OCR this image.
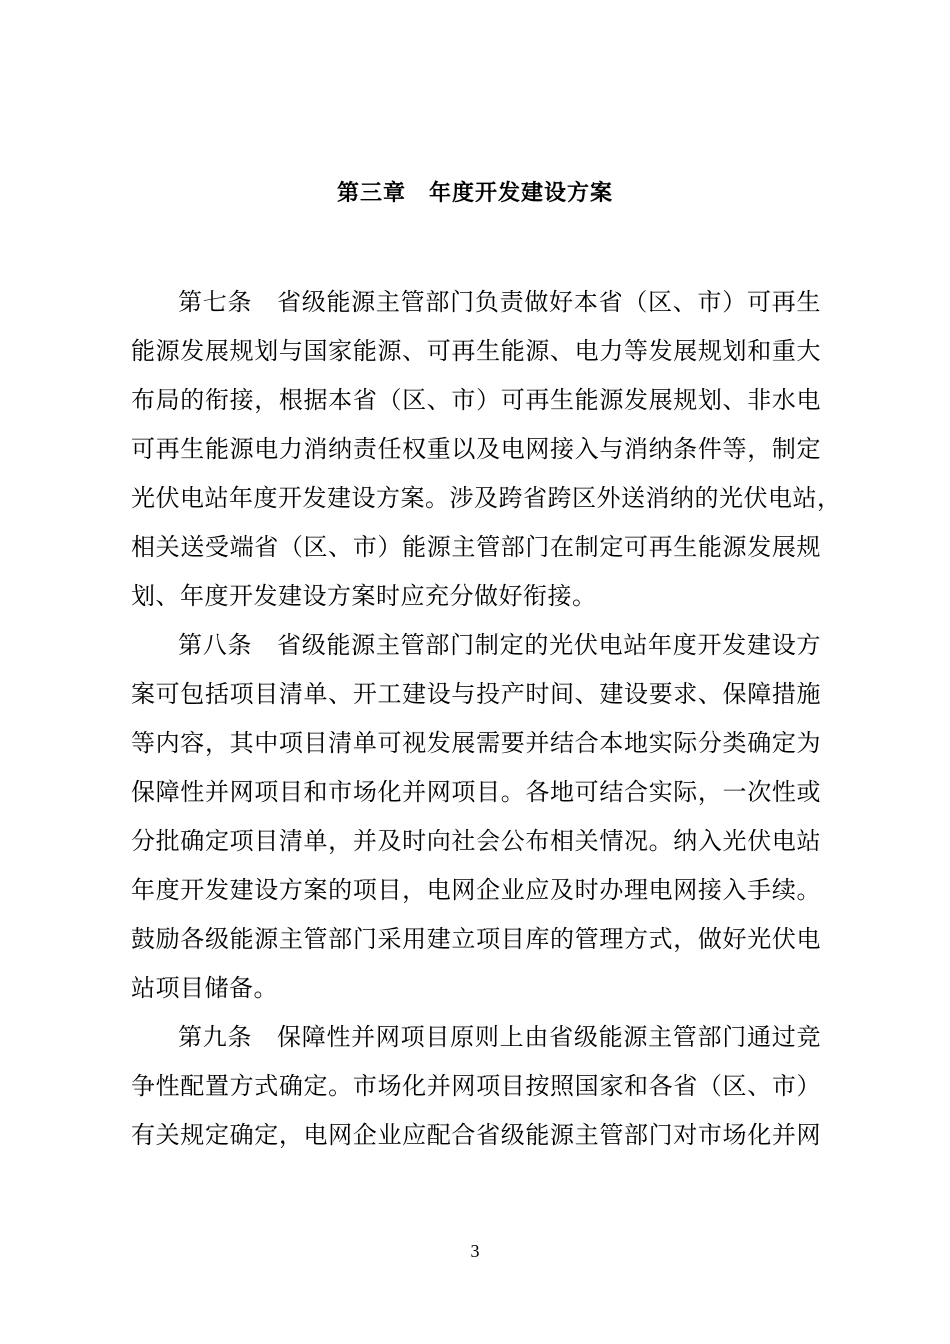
第三章　年度开发建设方案
第七条　省级能源主管部门负责做好本省（区、市）可再生
能源发展规划与国家能源、可再生能源、电力等发展规划和重大
布局的衔接，根据本省（区、市）可再生能源发展规划、非水电
可再生能源电力消纳责任权重以及电网接入与消纳条件等，制定
光伏电站年度开发建设方案。涉及跨省跨区外送消纳的光伏电站，
相关送受端省（区、市）能源主管部门在制定可再生能源发展规
划、年度开发建设方案时应充分做好衔接。
第八条　省级能源主管部门制定的光伏电站年度开发建设方
案可包括项目清单、开工建设与投产时间、建设要求、保障措施
等内容，其中项目清单可视发展需要并结合本地实际分类确定为
保障性并网项目和市场化并网项目。各地可结合实际，一次性或
分批确定项目清单，并及时向社会公布相关情况。纳入光伏电站
年度开发建设方案的项目，电网企业应及时办理电网接入手续。
鼓励各级能源主管部门采用建立项目库的管理方式，做好光伏电
站项目储备。
第九条　保障性并网项目原则上由省级能源主管部门通过竞
争性配置方式确定。市场化并网项目按照国家和各省（区、市）
有关规定确定，电网企业应配合省级能源主管部门对市场化并网
3
